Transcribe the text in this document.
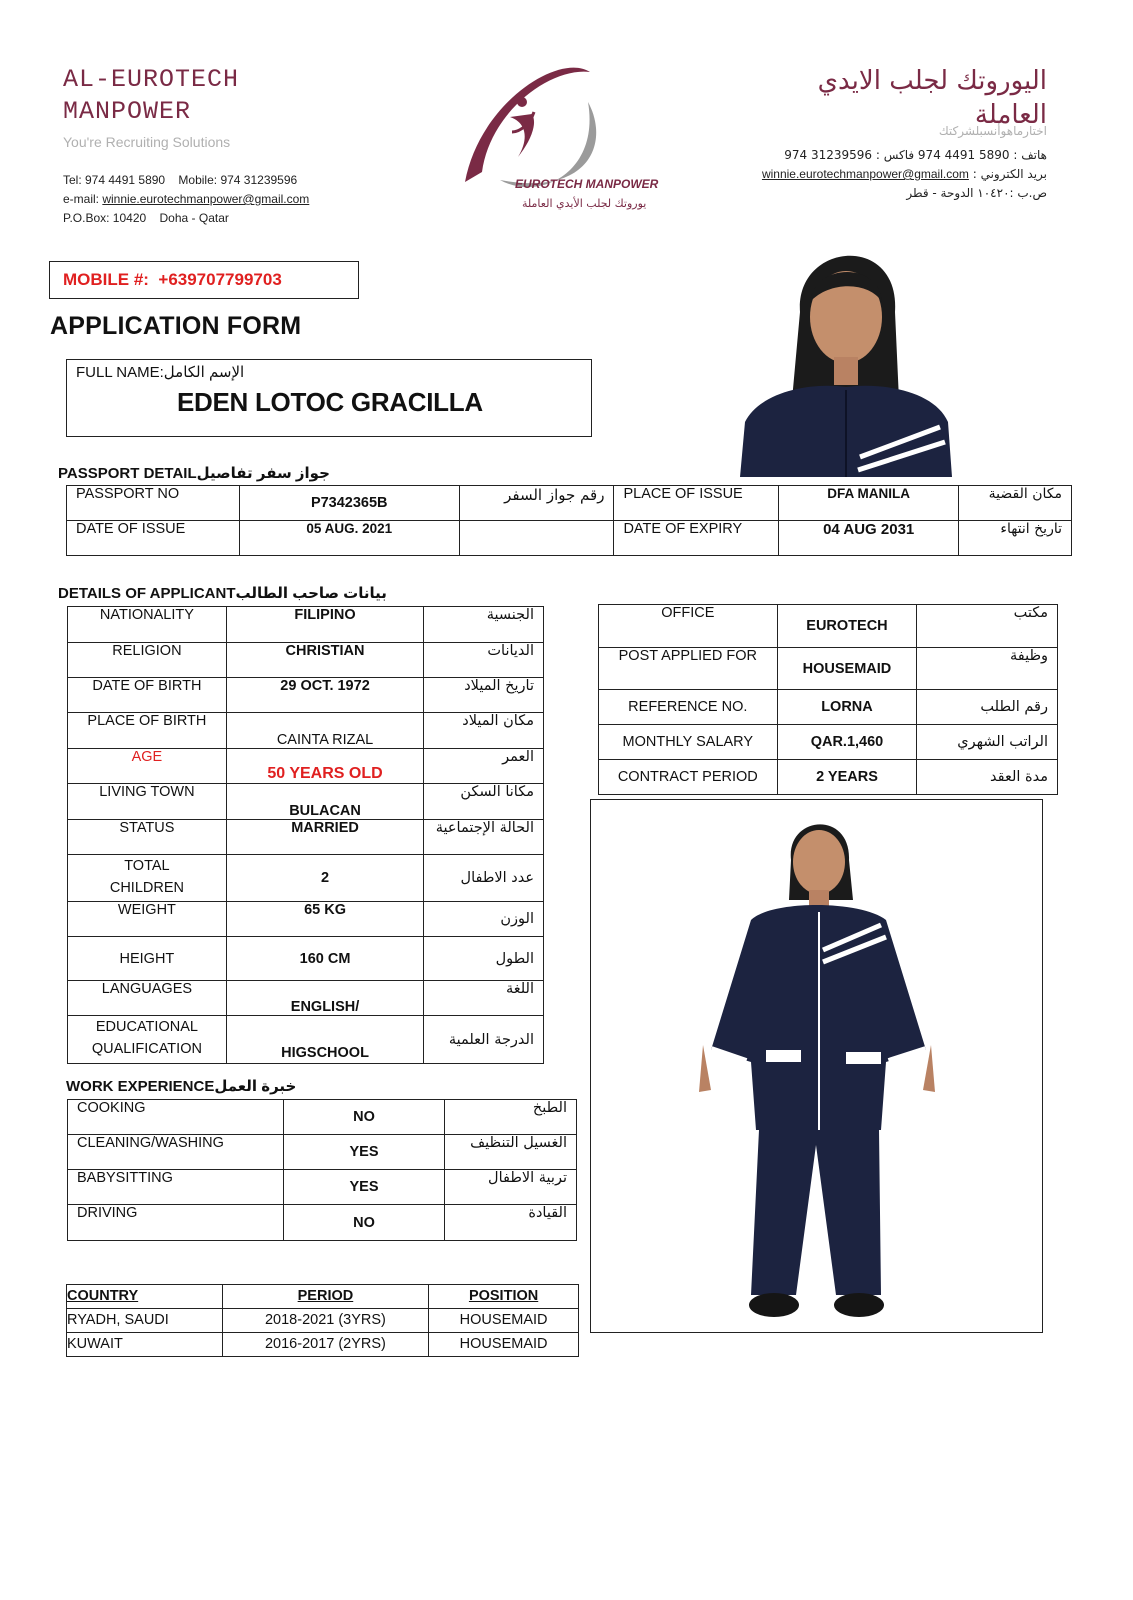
AL-EUROTECH
MANPOWER
You're Recruiting Solutions
Tel: 974 4491 5890    Mobile: 974 31239596
e-mail: winnie.eurotechmanpower@gmail.com
P.O.Box: 10420    Doha - Qatar
EUROTECH MANPOWER
يوروتك لجلب الأيدي العاملة
اليوروتك لجلب الايدي
العاملة
اختارماهوأنسبلشركتك
هاتف : 5890 4491 974 فاكس : 31239596 974
winnie.eurotechmanpower@gmail.com : بريد الكتروني
ص.ب :١٠٤٢٠ الدوحة - قطر
MOBILE #:  +639707799703
APPLICATION FORM
FULL NAME:الإسم الكامل
EDEN LOTOC GRACILLA
PASSPORT DETAILجواز سفر تفاصيل
PASSPORT NO	P7342365B	رقم جواز السفر	PLACE OF ISSUE	DFA MANILA	مكان القضية
DATE OF ISSUE	05 AUG. 2021		DATE OF EXPIRY	04 AUG 2031	تاريخ انتهاء
DETAILS OF APPLICANTبيانات صاحب الطالب
NATIONALITY	FILIPINO	الجنسية
RELIGION	CHRISTIAN	الديانات
DATE OF BIRTH	29 OCT. 1972	تاريخ الميلاد
PLACE OF BIRTH	CAINTA RIZAL	مكان الميلاد
AGE	50 YEARS OLD	العمر
LIVING TOWN	BULACAN	مكانا السكن
STATUS	MARRIED	الحالة الإجتماعية
TOTAL CHILDREN	2	عدد الاطفال
WEIGHT	65 KG	الوزن
HEIGHT	160 CM	الطول
LANGUAGES	ENGLISH/	اللغة
EDUCATIONAL QUALIFICATION	HIGSCHOOL	الدرجة العلمية
OFFICE	EUROTECH	مكتب
POST APPLIED FOR	HOUSEMAID	وظيفة
REFERENCE NO.	LORNA	رقم الطلب
MONTHLY SALARY	QAR.1,460	الراتب الشهري
CONTRACT PERIOD	2 YEARS	مدة العقد
WORK EXPERIENCEخبرة العمل
COOKING	NO	الطبخ
CLEANING/WASHING	YES	الغسيل التنظيف
BABYSITTING	YES	تربية الاطفال
DRIVING	NO	القيادة
COUNTRY	PERIOD	POSITION
RYADH, SAUDI	2018-2021 (3YRS)	HOUSEMAID
KUWAIT	2016-2017 (2YRS)	HOUSEMAID
